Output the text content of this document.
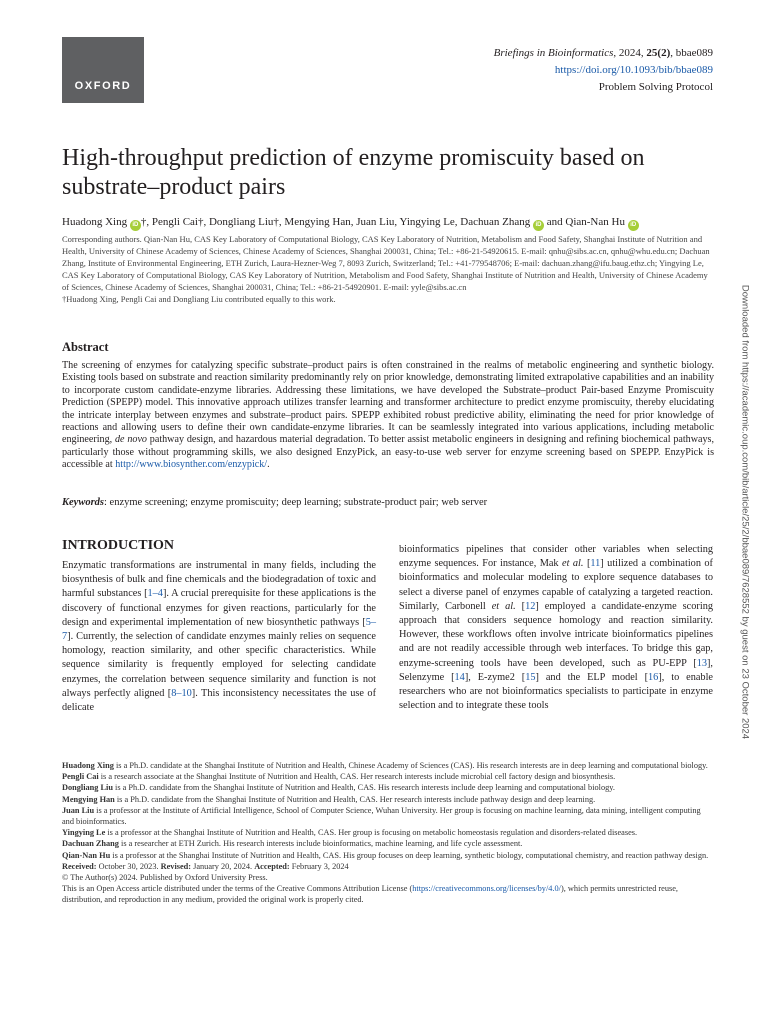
OXFORD
Briefings in Bioinformatics, 2024, 25(2), bbae089
https://doi.org/10.1093/bib/bbae089
Problem Solving Protocol
High-throughput prediction of enzyme promiscuity based on substrate–product pairs
Huadong Xing iD †, Pengli Cai†, Dongliang Liu†, Mengying Han, Juan Liu, Yingying Le, Dachuan Zhang iD and Qian-Nan Hu iD
Corresponding authors. Qian-Nan Hu, CAS Key Laboratory of Computational Biology, CAS Key Laboratory of Nutrition, Metabolism and Food Safety, Shanghai Institute of Nutrition and Health, University of Chinese Academy of Sciences, Chinese Academy of Sciences, Shanghai 200031, China; Tel.: +86-21-54920615. E-mail: qnhu@sibs.ac.cn, qnhu@whu.edu.cn; Dachuan Zhang, Institute of Environmental Engineering, ETH Zurich, Laura-Hezner-Weg 7, 8093 Zurich, Switzerland; Tel.: +41-779548706; E-mail: dachuan.zhang@ifu.baug.ethz.ch; Yingying Le, CAS Key Laboratory of Computational Biology, CAS Key Laboratory of Nutrition, Metabolism and Food Safety, Shanghai Institute of Nutrition and Health, University of Chinese Academy of Sciences, Chinese Academy of Sciences, Shanghai 200031, China; Tel.: +86-21-54920901. E-mail: yyle@sibs.ac.cn
†Huadong Xing, Pengli Cai and Dongliang Liu contributed equally to this work.
Abstract

The screening of enzymes for catalyzing specific substrate–product pairs is often constrained in the realms of metabolic engineering and synthetic biology. Existing tools based on substrate and reaction similarity predominantly rely on prior knowledge, demonstrating limited extrapolative capabilities and an inability to incorporate custom candidate-enzyme libraries. Addressing these limitations, we have developed the Substrate–product Pair-based Enzyme Promiscuity Prediction (SPEPP) model. This innovative approach utilizes transfer learning and transformer architecture to predict enzyme promiscuity, thereby elucidating the intricate interplay between enzymes and substrate–product pairs. SPEPP exhibited robust predictive ability, eliminating the need for prior knowledge of reactions and allowing users to define their own candidate-enzyme libraries. It can be seamlessly integrated into various applications, including metabolic engineering, de novo pathway design, and hazardous material degradation. To better assist metabolic engineers in designing and refining biochemical pathways, particularly those without programming skills, we also designed EnzyPick, an easy-to-use web server for enzyme screening based on SPEPP. EnzyPick is accessible at http://www.biosynther.com/enzypick/.

Keywords: enzyme screening; enzyme promiscuity; deep learning; substrate-product pair; web server
INTRODUCTION

Enzymatic transformations are instrumental in many fields, including the biosynthesis of bulk and fine chemicals and the biodegradation of toxic and harmful substances [1–4]. A crucial prerequisite for these applications is the discovery of functional enzymes for given reactions, particularly for the design and experimental implementation of new biosynthetic pathways [5–7]. Currently, the selection of candidate enzymes mainly relies on sequence homology, reaction similarity, and other specific characteristics. While sequence similarity is frequently employed for selecting candidate enzymes, the correlation between sequence similarity and function is not always perfectly aligned [8–10]. This inconsistency necessitates the use of delicate

bioinformatics pipelines that consider other variables when selecting enzyme sequences. For instance, Mak et al. [11] utilized a combination of bioinformatics and molecular modeling to explore sequence databases to select a diverse panel of enzymes capable of catalyzing a targeted reaction. Similarly, Carbonell et al. [12] employed a candidate-enzyme scoring approach that considers sequence homology and reaction similarity. However, these workflows often involve intricate bioinformatics pipelines and are not readily accessible through web interfaces. To bridge this gap, enzyme-screening tools have been developed, such as PU-EPP [13], Selenzyme [14], E-zyme2 [15] and the ELP model [16], to enable researchers who are not bioinformatics specialists to participate in enzyme selection and to integrate these tools

Huadong Xing is a Ph.D. candidate at the Shanghai Institute of Nutrition and Health, Chinese Academy of Sciences (CAS). His research interests are in deep learning and computational biology.

Pengli Cai is a research associate at the Shanghai Institute of Nutrition and Health, CAS. Her research interests include microbial cell factory design and biosynthesis.

Dongliang Liu is a Ph.D. candidate from the Shanghai Institute of Nutrition and Health, CAS. His research interests include deep learning and computational biology.

Mengying Han is a Ph.D. candidate from the Shanghai Institute of Nutrition and Health, CAS. Her research interests include pathway design and deep learning.

Juan Liu is a professor at the Institute of Artificial Intelligence, School of Computer Science, Wuhan University. Her group is focusing on machine learning, data mining, intelligent computing and bioinformatics.

Yingying Le is a professor at the Shanghai Institute of Nutrition and Health, CAS. Her group is focusing on metabolic homeostasis regulation and disorders-related diseases.

Dachuan Zhang is a researcher at ETH Zurich. His research interests include bioinformatics, machine learning, and life cycle assessment.

Qian-Nan Hu is a professor at the Shanghai Institute of Nutrition and Health, CAS. His group focuses on deep learning, synthetic biology, computational chemistry, and reaction pathway design.

Received: October 30, 2023. Revised: January 20, 2024. Accepted: February 3, 2024

© The Author(s) 2024. Published by Oxford University Press.

This is an Open Access article distributed under the terms of the Creative Commons Attribution License (https://creativecommons.org/licenses/by/4.0/), which permits unrestricted reuse, distribution, and reproduction in any medium, provided the original work is properly cited.

Downloaded from https://academic.oup.com/bib/article/25/2/bbae089/7628552 by guest on 23 October 2024
